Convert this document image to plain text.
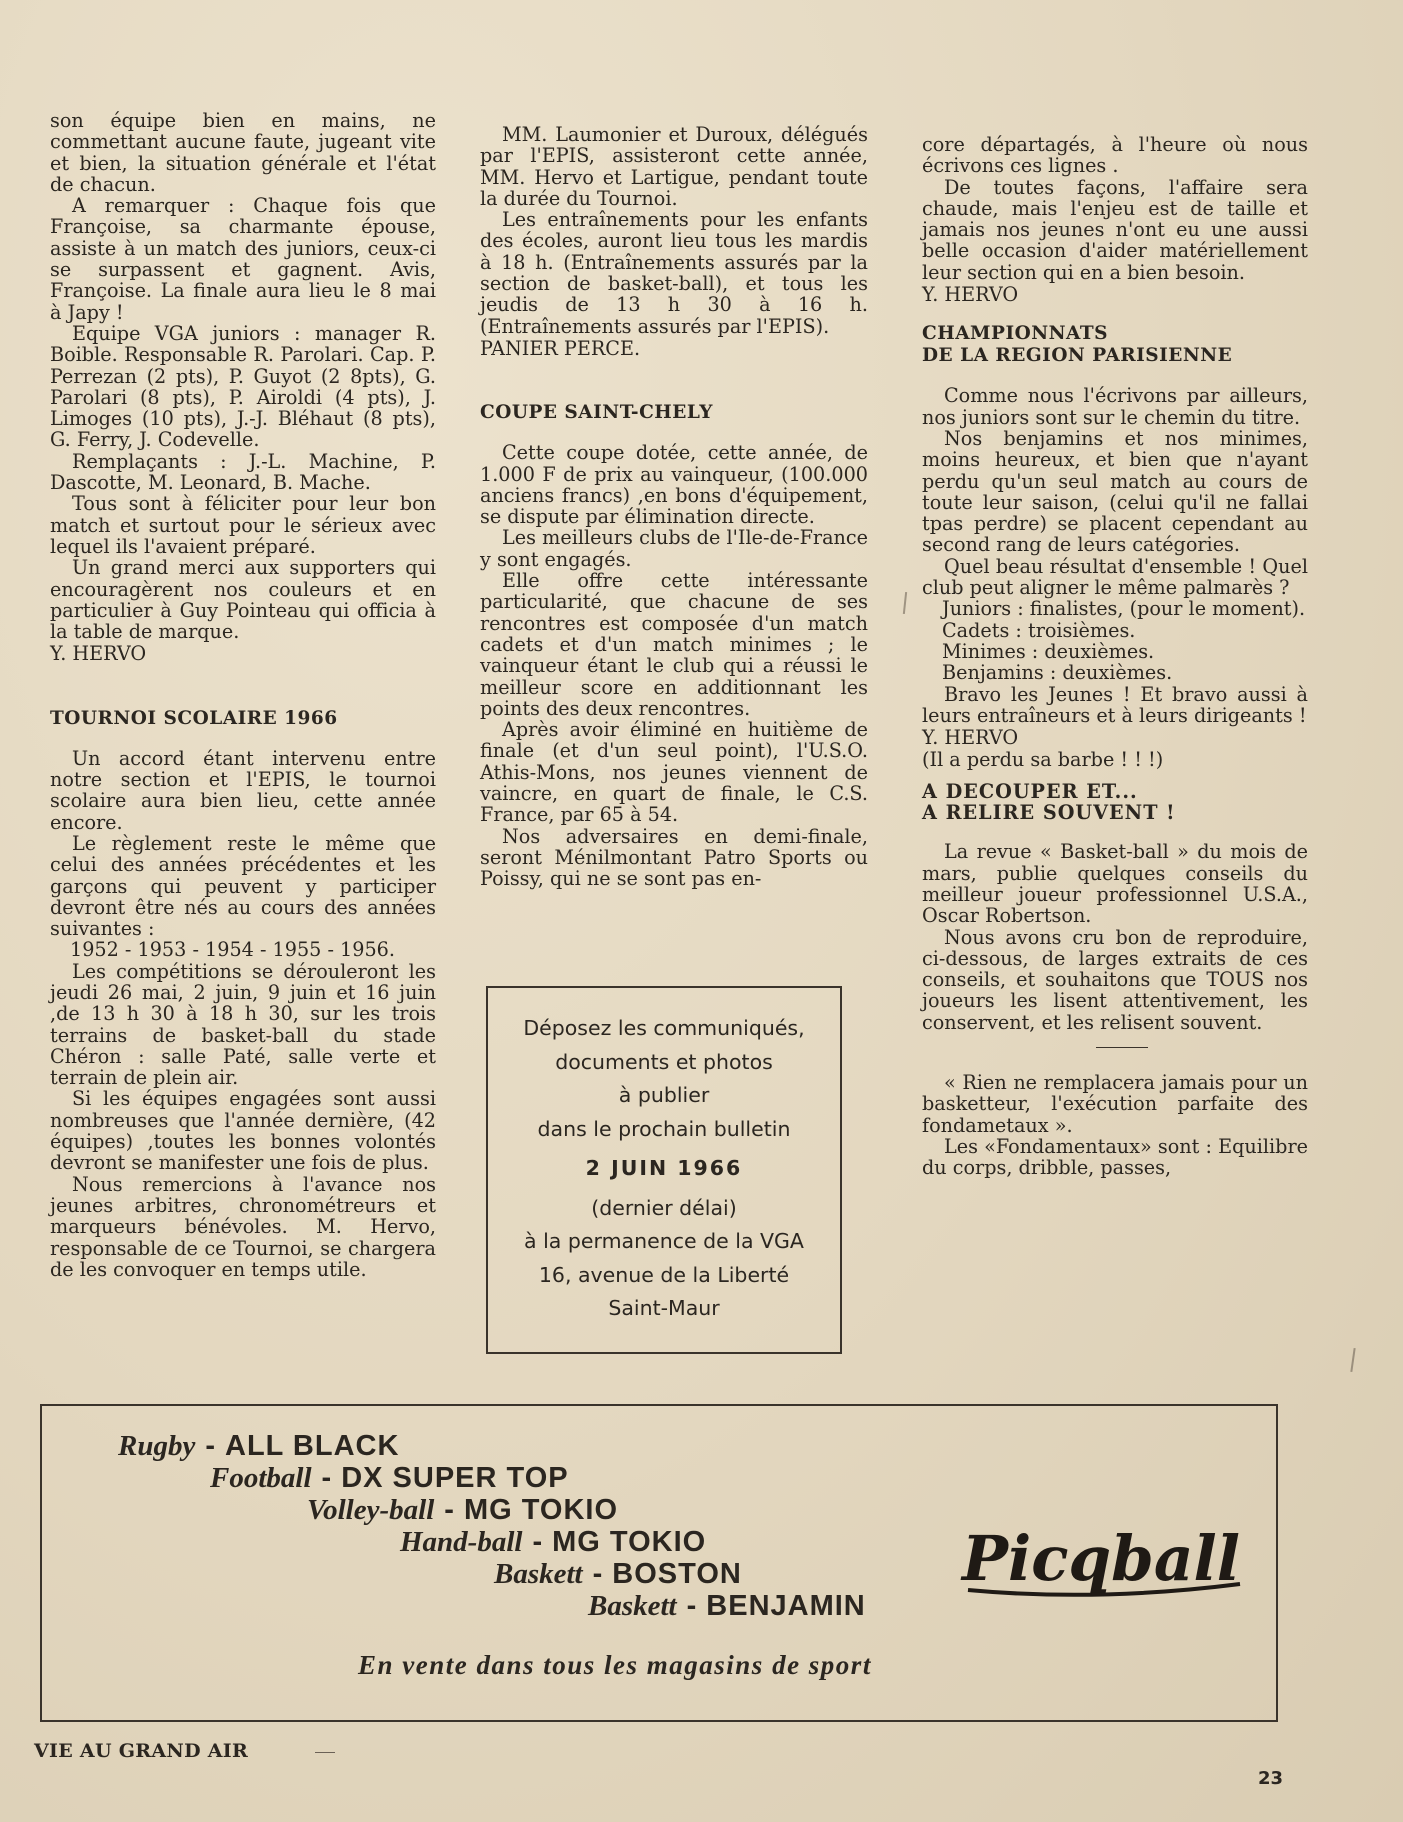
son équipe bien en mains, ne commettant aucune faute, jugeant vite et bien, la situation générale et l'état de chacun.

A remarquer : Chaque fois que Françoise, sa charmante épouse, assiste à un match des juniors, ceux-ci se surpassent et gagnent. Avis, Françoise. La finale aura lieu le 8 mai à Japy !

Equipe VGA juniors : manager R. Boible. Responsable R. Parolari. Cap. P. Perrezan (2 pts), P. Guyot (2 8pts), G. Parolari (8 pts), P. Airoldi (4 pts), J. Limoges (10 pts), J.-J. Bléhaut (8 pts), G. Ferry, J. Codevelle.

Remplaçants : J.-L. Machine, P. Dascotte, M. Leonard, B. Mache.

Tous sont à féliciter pour leur bon match et surtout pour le sérieux avec lequel ils l'avaient préparé.

Un grand merci aux supporters qui encouragèrent nos couleurs et en particulier à Guy Pointeau qui officia à la table de marque.

Y. HERVO

TOURNOI SCOLAIRE 1966

Un accord étant intervenu entre notre section et l'EPIS, le tournoi scolaire aura bien lieu, cette année encore.

Le règlement reste le même que celui des années précédentes et les garçons qui peuvent y participer devront être nés au cours des années suivantes :

1952 - 1953 - 1954 - 1955 - 1956.

Les compétitions se dérouleront les jeudi 26 mai, 2 juin, 9 juin et 16 juin ,de 13 h 30 à 18 h 30, sur les trois terrains de basket-ball du stade Chéron : salle Paté, salle verte et terrain de plein air.

Si les équipes engagées sont aussi nombreuses que l'année dernière, (42 équipes) ,toutes les bonnes volontés devront se manifester une fois de plus.

Nous remercions à l'avance nos jeunes arbitres, chronométreurs et marqueurs bénévoles. M. Hervo, responsable de ce Tournoi, se chargera de les convoquer en temps utile.

MM. Laumonier et Duroux, délégués par l'EPIS, assisteront cette année, MM. Hervo et Lartigue, pendant toute la durée du Tournoi.

Les entraînements pour les enfants des écoles, auront lieu tous les mardis à 18 h. (Entraînements assurés par la section de basket-ball), et tous les jeudis de 13 h 30 à 16 h. (Entraînements assurés par l'EPIS).

PANIER PERCE.

COUPE SAINT-CHELY

Cette coupe dotée, cette année, de 1.000 F de prix au vainqueur, (100.000 anciens francs) ,en bons d'équipement, se dispute par élimination directe.

Les meilleurs clubs de l'Ile-de-France y sont engagés.

Elle offre cette intéressante particularité, que chacune de ses rencontres est composée d'un match cadets et d'un match minimes ; le vainqueur étant le club qui a réussi le meilleur score en additionnant les points des deux rencontres.

Après avoir éliminé en huitième de finale (et d'un seul point), l'U.S.O. Athis-Mons, nos jeunes viennent de vaincre, en quart de finale, le C.S. France, par 65 à 54.

Nos adversaires en demi-finale, seront Ménilmontant Patro Sports ou Poissy, qui ne se sont pas en-

core départagés, à l'heure où nous écrivons ces lignes .

De toutes façons, l'affaire sera chaude, mais l'enjeu est de taille et jamais nos jeunes n'ont eu une aussi belle occasion d'aider matériellement leur section qui en a bien besoin.

Y. HERVO

CHAMPIONNATS

DE LA REGION PARISIENNE

Comme nous l'écrivons par ailleurs, nos juniors sont sur le chemin du titre.

Nos benjamins et nos minimes, moins heureux, et bien que n'ayant perdu qu'un seul match au cours de toute leur saison, (celui qu'il ne fallai tpas perdre) se placent cependant au second rang de leurs catégories.

Quel beau résultat d'ensemble ! Quel club peut aligner le même palmarès ?

Juniors : finalistes, (pour le moment).

Cadets : troisièmes.

Minimes : deuxièmes.

Benjamins : deuxièmes.

Bravo les Jeunes ! Et bravo aussi à leurs entraîneurs et à leurs dirigeants !

Y. HERVO

(Il a perdu sa barbe ! ! !)

A DECOUPER ET...

A RELIRE SOUVENT !

La revue « Basket-ball » du mois de mars, publie quelques conseils du meilleur joueur professionnel U.S.A., Oscar Robertson.

Nous avons cru bon de reproduire, ci-dessous, de larges extraits de ces conseils, et souhaitons que TOUS nos joueurs les lisent attentivement, les conservent, et les relisent souvent.

« Rien ne remplacera jamais pour un basketteur, l'exécution parfaite des fondametaux ».

Les «Fondamentaux» sont : Equilibre du corps, dribble, passes,

Déposez les communiqués,
documents et photos
à publier
dans le prochain bulletin
2 JUIN 1966
(dernier délai)
à la permanence de la VGA
16, avenue de la Liberté
Saint-Maur
Rugby - ALL BLACK
Football - DX SUPER TOP
Volley-ball - MG TOKIO
Hand-ball - MG TOKIO
Baskett - BOSTON
Baskett - BENJAMIN
Picqball
En vente dans tous les magasins de sport
VIE AU GRAND AIR
23
